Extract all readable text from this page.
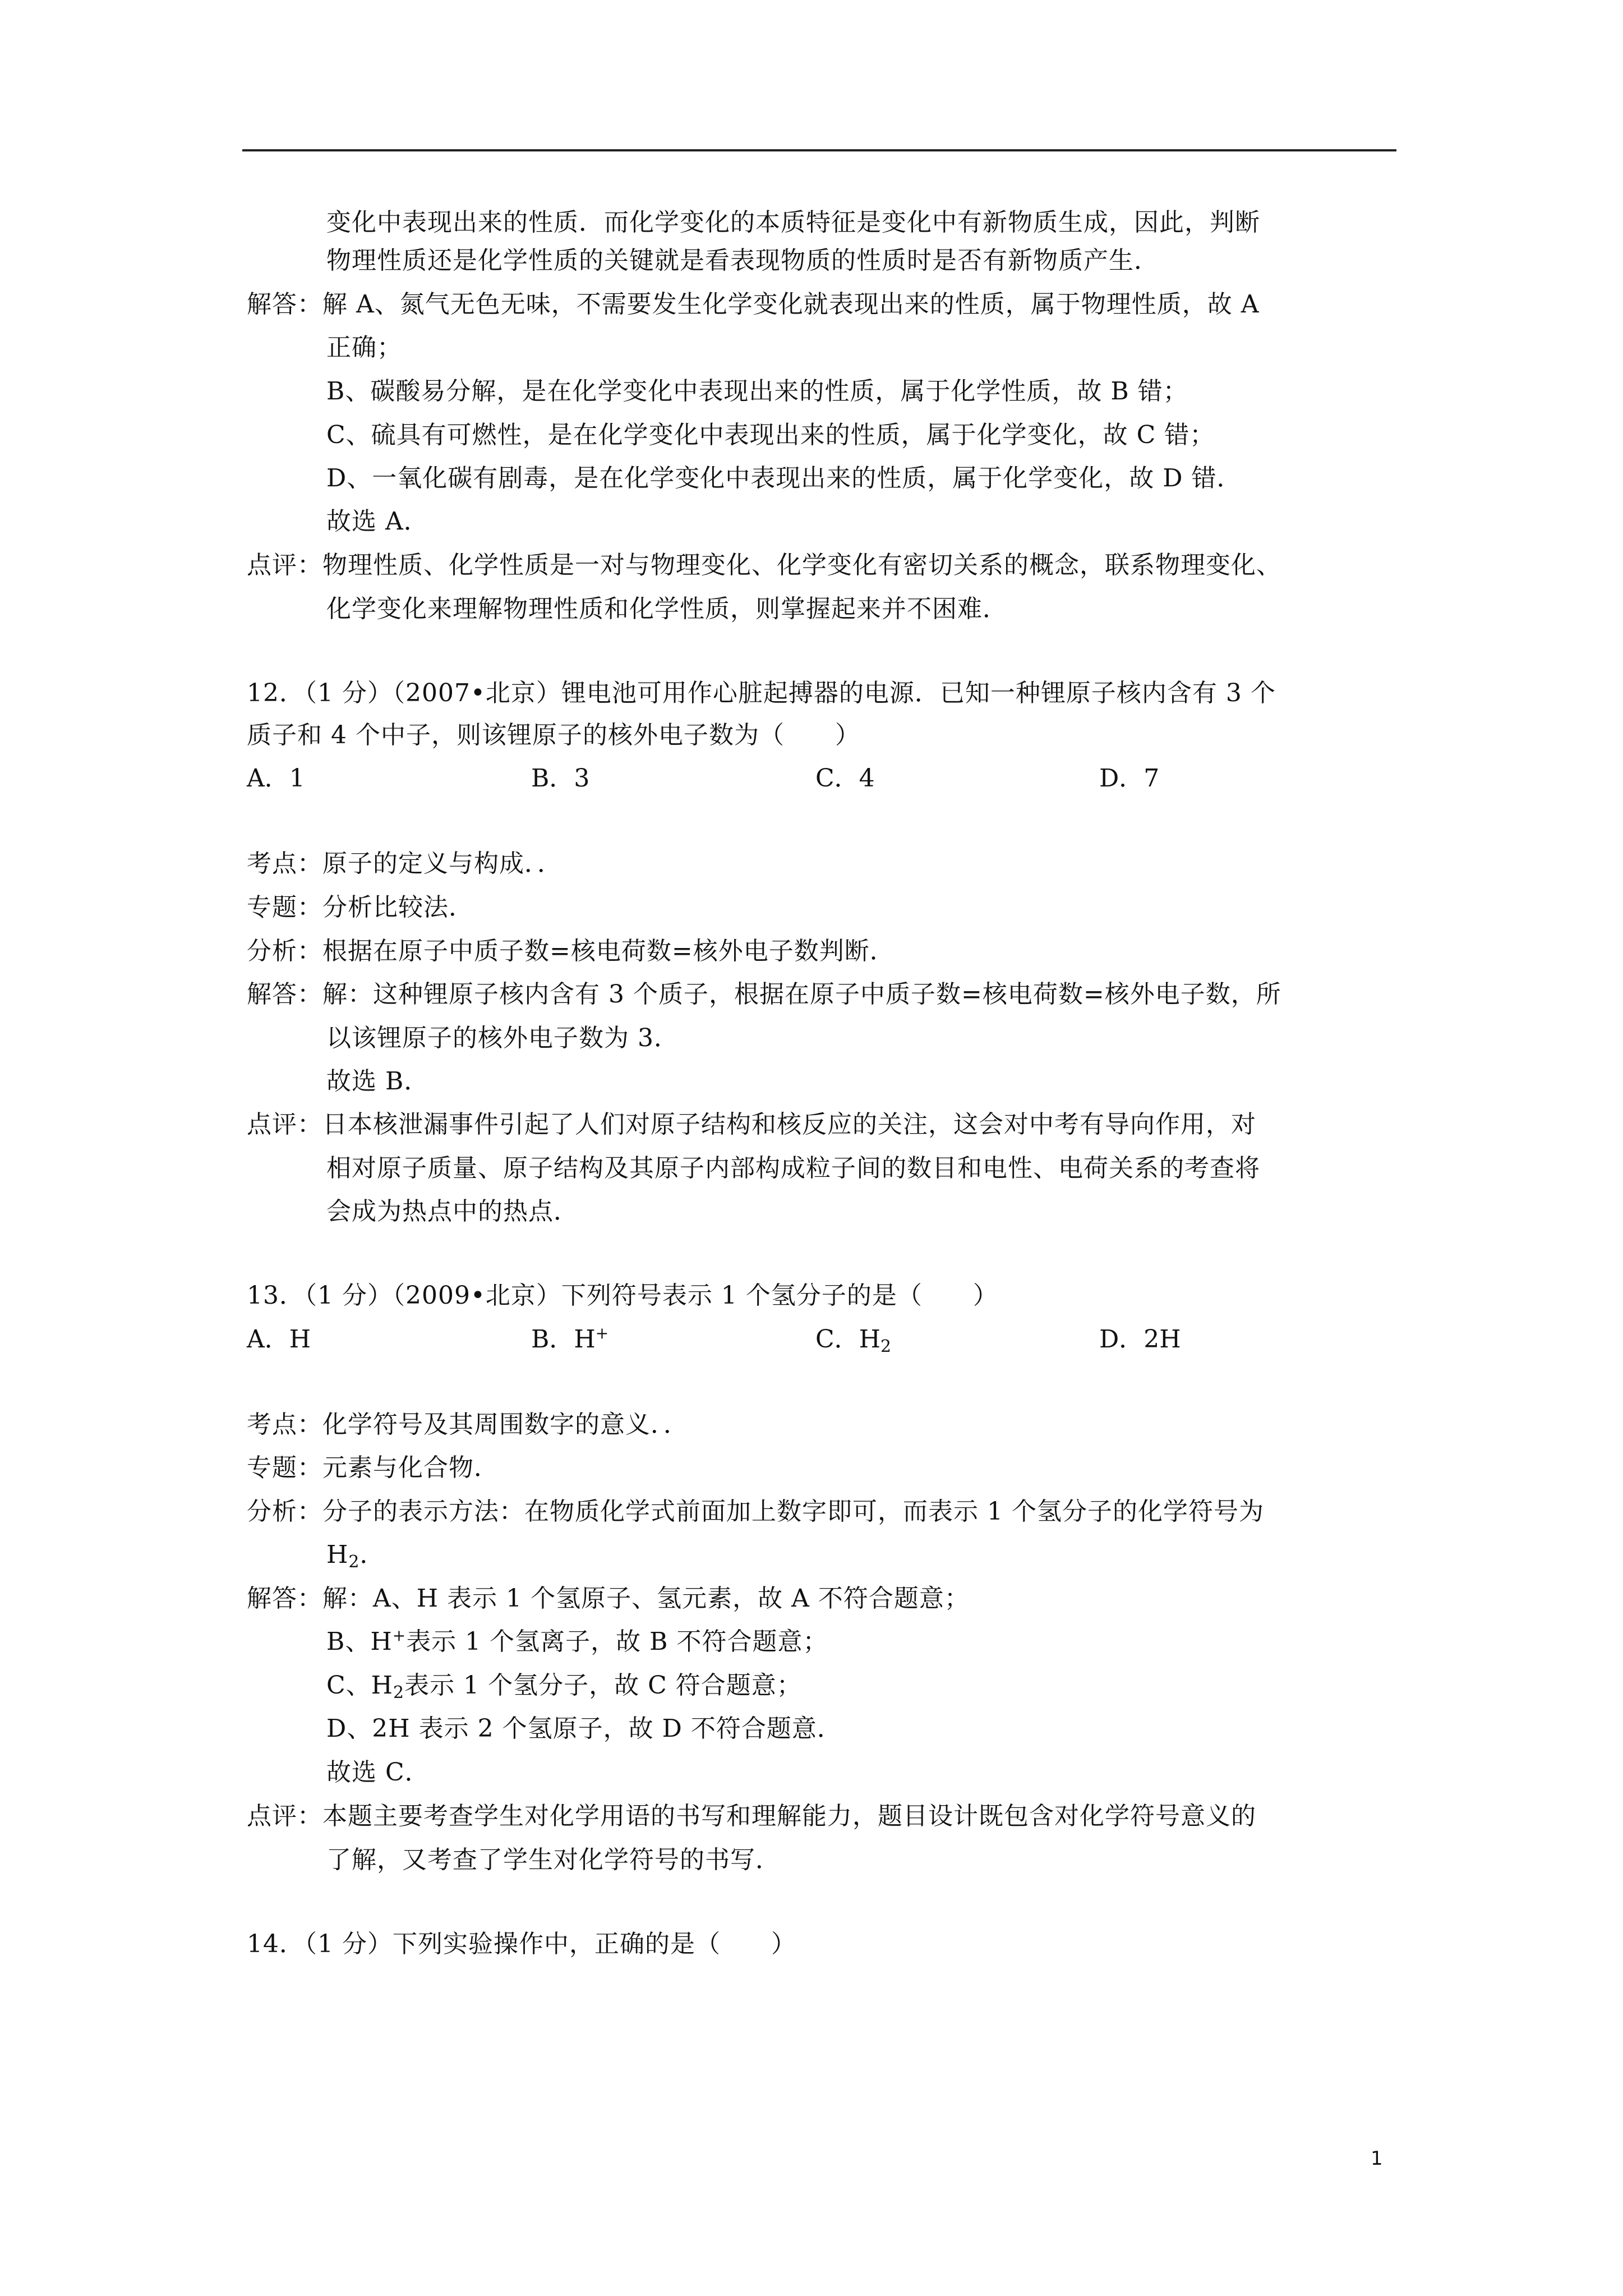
变化中表现出来的性质．而化学变化的本质特征是变化中有新物质生成，因此，判断
物理性质还是化学性质的关键就是看表现物质的性质时是否有新物质产生．
解答：解 A、氮气无色无味，不需要发生化学变化就表现出来的性质，属于物理性质，故 A
正确；
B、碳酸易分解，是在化学变化中表现出来的性质，属于化学性质，故 B 错；
C、硫具有可燃性，是在化学变化中表现出来的性质，属于化学变化，故 C 错；
D、一氧化碳有剧毒，是在化学变化中表现出来的性质，属于化学变化，故 D 错．
故选 A．
点评：物理性质、化学性质是一对与物理变化、化学变化有密切关系的概念，联系物理变化、
化学变化来理解物理性质和化学性质，则掌握起来并不困难．
12．（1 分）（2007•北京）锂电池可用作心脏起搏器的电源．已知一种锂原子核内含有 3 个
质子和 4 个中子，则该锂原子的核外电子数为（　　）
A．1	B．3	C．4	D．7
考点：原子的定义与构成．．
专题：分析比较法．
分析：根据在原子中质子数=核电荷数=核外电子数判断．
解答：解：这种锂原子核内含有 3 个质子，根据在原子中质子数=核电荷数=核外电子数，所
以该锂原子的核外电子数为 3．
故选 B．
点评：日本核泄漏事件引起了人们对原子结构和核反应的关注，这会对中考有导向作用，对
相对原子质量、原子结构及其原子内部构成粒子间的数目和电性、电荷关系的考查将
会成为热点中的热点．
13．（1 分）（2009•北京）下列符号表示 1 个氢分子的是（　　）
A．H	B．H+	C．$H_2$	D．2H
考点：化学符号及其周围数字的意义．．
专题：元素与化合物．
分析：分子的表示方法：在物质化学式前面加上数字即可，而表示 1 个氢分子的化学符号为
$H_2$．
解答：解：A、H 表示 1 个氢原子、氢元素，故 A 不符合题意；
B、H+表示 1 个氢离子，故 B 不符合题意；
C、$H_2$表示 1 个氢分子，故 C 符合题意；
D、2H 表示 2 个氢原子，故 D 不符合题意．
故选 C．
点评：本题主要考查学生对化学用语的书写和理解能力，题目设计既包含对化学符号意义的
了解，又考查了学生对化学符号的书写．
14．（1 分）下列实验操作中，正确的是（　　）
1
